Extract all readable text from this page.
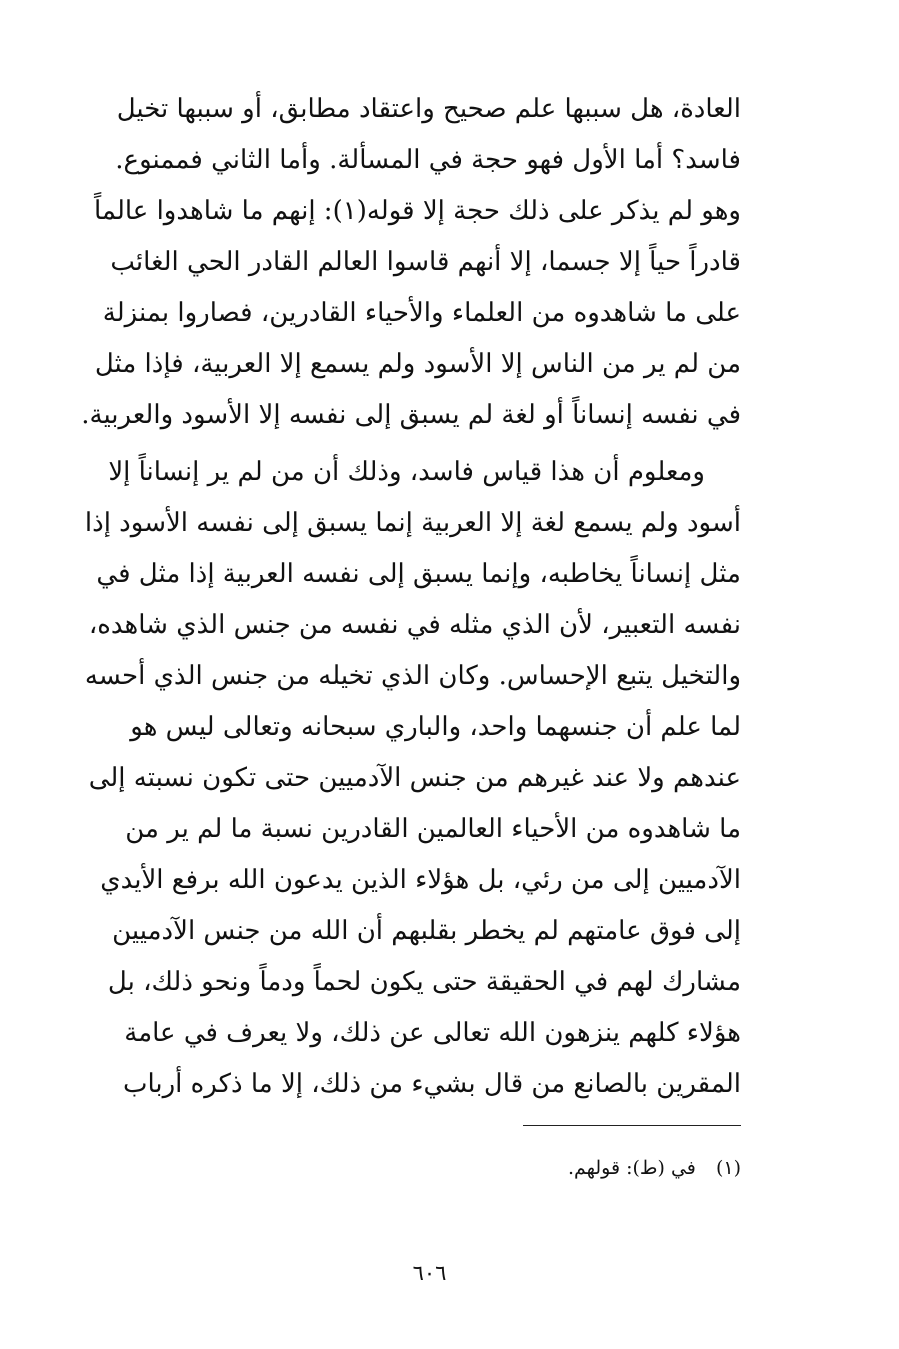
العادة، هل سببها علم صحيح واعتقاد مطابق، أو سببها تخيل
فاسد؟ أما الأول فهو حجة في المسألة. وأما الثاني فممنوع.
وهو لم يذكر على ذلك حجة إلا قوله(١): إنهم ما شاهدوا عالماً
قادراً حياً إلا جسما، إلا أنهم قاسوا العالم القادر الحي الغائب
على ما شاهدوه من العلماء والأحياء القادرين، فصاروا بمنزلة
من لم ير من الناس إلا الأسود ولم يسمع إلا العربية، فإذا مثل
في نفسه إنساناً أو لغة لم يسبق إلى نفسه إلا الأسود والعربية.
ومعلوم أن هذا قياس فاسد، وذلك أن من لم ير إنساناً إلا
أسود ولم يسمع لغة إلا العربية إنما يسبق إلى نفسه الأسود إذا
مثل إنساناً يخاطبه، وإنما يسبق إلى نفسه العربية إذا مثل في
نفسه التعبير، لأن الذي مثله في نفسه من جنس الذي شاهده،
والتخيل يتبع الإحساس. وكان الذي تخيله من جنس الذي أحسه
لما علم أن جنسهما واحد، والباري سبحانه وتعالى ليس هو
عندهم ولا عند غيرهم من جنس الآدميين حتى تكون نسبته إلى
ما شاهدوه من الأحياء العالمين القادرين نسبة ما لم ير من
الآدميين إلى من رئي، بل هؤلاء الذين يدعون الله برفع الأيدي
إلى فوق عامتهم لم يخطر بقلبهم أن الله من جنس الآدميين
مشارك لهم في الحقيقة حتى يكون لحماً ودماً ونحو ذلك، بل
هؤلاء كلهم ينزهون الله تعالى عن ذلك، ولا يعرف في عامة
المقرين بالصانع من قال بشيء من ذلك، إلا ما ذكره أرباب
(١) في (ط): قولهم.
٦٠٦
